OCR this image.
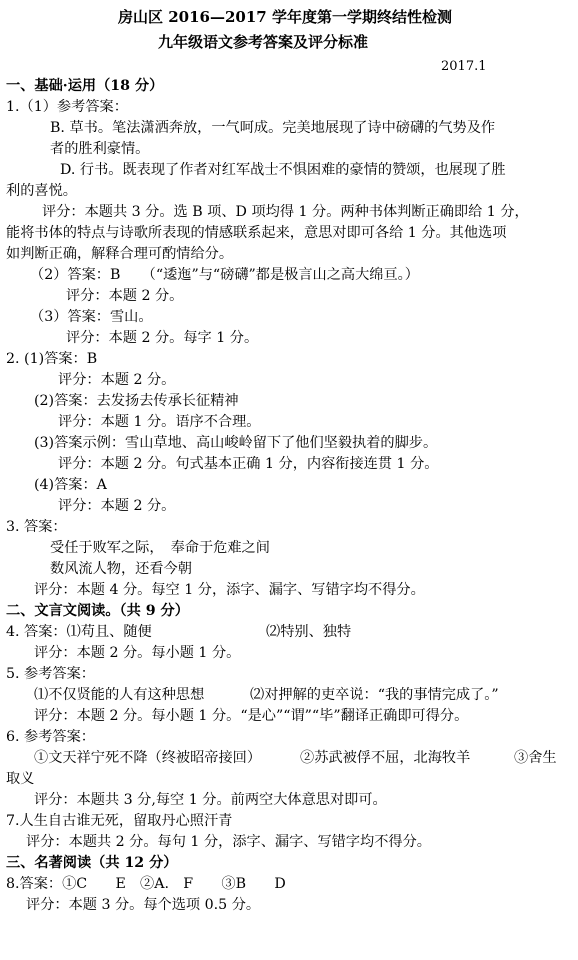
房山区 2016—2017 学年度第一学期终结性检测
九年级语文参考答案及评分标准
2017.1
一、基础·运用（18 分）
1.（1）参考答案：
B. 草书。笔法潇洒奔放，一气呵成。完美地展现了诗中磅礴的气势及作
者的胜利豪情。
D. 行书。既表现了作者对红军战士不惧困难的豪情的赞颂，也展现了胜
利的喜悦。
评分：本题共 3 分。选 B 项、D 项均得 1 分。两种书体判断正确即给 1 分，
能将书体的特点与诗歌所表现的情感联系起来，意思对即可各给 1 分。其他选项
如判断正确，解释合理可酌情给分。
（2）答案：B　　（“逶迤”与“磅礴”都是极言山之高大绵亘。）
评分：本题 2 分。
（3）答案：雪山。
评分：本题 2 分。每字 1 分。
2. (1)答案：B
评分：本题 2 分。
(2)答案：去发扬去传承长征精神
评分：本题 1 分。语序不合理。
(3)答案示例：雪山草地、高山峻岭留下了他们坚毅执着的脚步。
评分：本题 2 分。句式基本正确 1 分，内容衔接连贯 1 分。
(4)答案：A
评分：本题 2 分。
3. 答案：
受任于败军之际，　奉命于危难之间
数风流人物，还看今朝
评分：本题 4 分。每空 1 分，添字、漏字、写错字均不得分。
二、文言文阅读。（共 9 分）
4. 答案：⑴苟且、随便	⑵特别、独特
评分：本题 2 分。每小题 1 分。
5. 参考答案：
⑴不仅贤能的人有这种思想	⑵对押解的吏卒说：“我的事情完成了。”
评分：本题 2 分。每小题 1 分。“是心”“谓”“毕”翻译正确即可得分。
6. 参考答案：
①文天祥宁死不降（终被昭帝接回）	②苏武被俘不屈，北海牧羊	③舍生
取义
评分：本题共 3 分,每空 1 分。前两空大体意思对即可。
7.人生自古谁无死，留取丹心照汗青
评分：本题共 2 分。每句 1 分，添字、漏字、写错字均不得分。
三、名著阅读（共 12 分）
8.答案：①C　　E　②A.　F　　③B　　D
评分：本题 3 分。每个选项 0.5 分。
